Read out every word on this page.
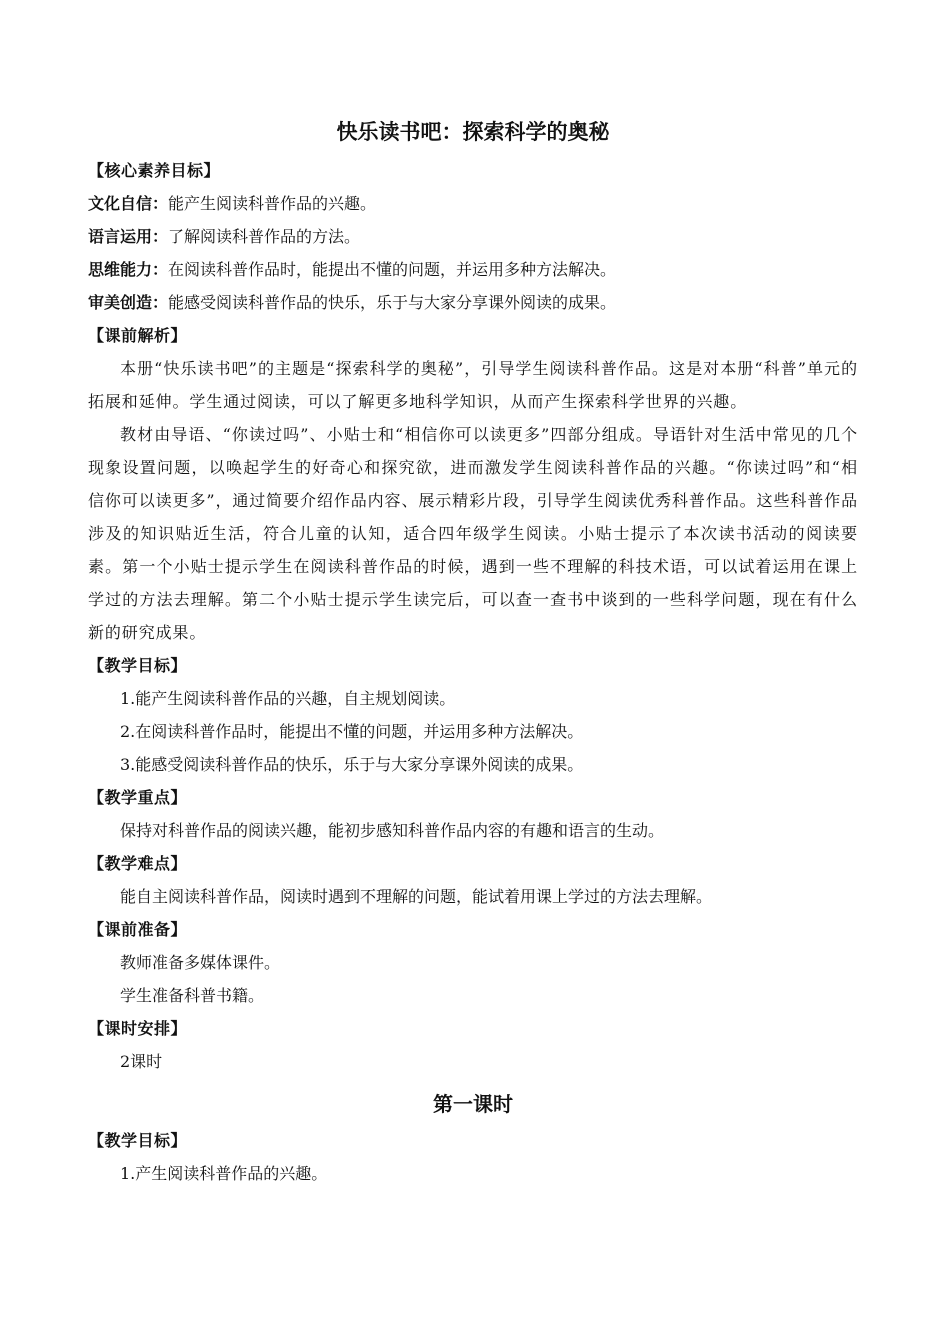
快乐读书吧：探索科学的奥秘
【核心素养目标】
文化自信：能产生阅读科普作品的兴趣。
语言运用：了解阅读科普作品的方法。
思维能力：在阅读科普作品时，能提出不懂的问题，并运用多种方法解决。
审美创造：能感受阅读科普作品的快乐，乐于与大家分享课外阅读的成果。
【课前解析】

本册“快乐读书吧”的主题是“探索科学的奥秘”，引导学生阅读科普作品。这是对本册“科普”单元的拓展和延伸。学生通过阅读，可以了解更多地科学知识，从而产生探索科学世界的兴趣。

教材由导语、“你读过吗”、小贴士和“相信你可以读更多”四部分组成。导语针对生活中常见的几个现象设置问题，以唤起学生的好奇心和探究欲，进而激发学生阅读科普作品的兴趣。“你读过吗”和“相信你可以读更多”，通过简要介绍作品内容、展示精彩片段，引导学生阅读优秀科普作品。这些科普作品涉及的知识贴近生活，符合儿童的认知，适合四年级学生阅读。小贴士提示了本次读书活动的阅读要素。第一个小贴士提示学生在阅读科普作品的时候，遇到一些不理解的科技术语，可以试着运用在课上学过的方法去理解。第二个小贴士提示学生读完后，可以查一查书中谈到的一些科学问题，现在有什么新的研究成果。

【教学目标】
1.能产生阅读科普作品的兴趣，自主规划阅读。
2.在阅读科普作品时，能提出不懂的问题，并运用多种方法解决。
3.能感受阅读科普作品的快乐，乐于与大家分享课外阅读的成果。
【教学重点】
保持对科普作品的阅读兴趣，能初步感知科普作品内容的有趣和语言的生动。
【教学难点】
能自主阅读科普作品，阅读时遇到不理解的问题，能试着用课上学过的方法去理解。
【课前准备】
教师准备多媒体课件。
学生准备科普书籍。
【课时安排】
2课时
第一课时
【教学目标】
1.产生阅读科普作品的兴趣。
